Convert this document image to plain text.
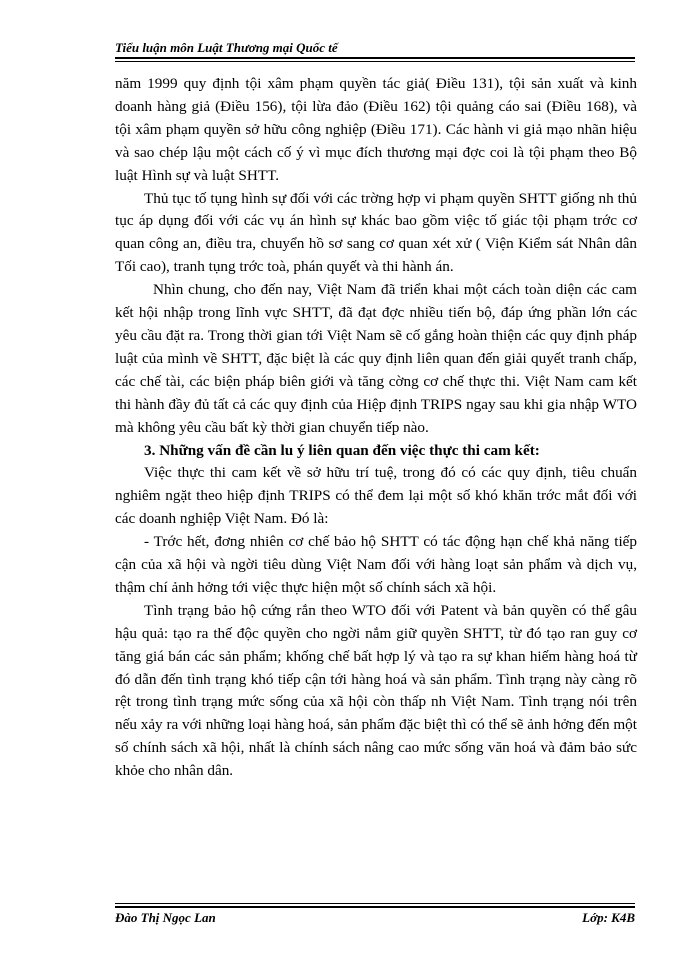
Tiểu luận môn Luật Thương mại Quốc tế

năm 1999 quy định tội xâm phạm quyền tác giả( Điều 131), tội sản xuất và kinh doanh hàng giả (Điều 156), tội lừa đảo (Điều 162) tội quảng cáo sai (Điều 168), và tội xâm phạm quyền sở hữu công nghiệp (Điều 171). Các hành vi giả mạo nhãn hiệu và sao chép lậu một cách cố ý vì mục đích thương mại đợc coi là tội phạm theo Bộ luật Hình sự và luật SHTT.

Thủ tục tố tụng hình sự đối với các trờng hợp vi phạm quyền SHTT giống nh thủ tục áp dụng đối với các vụ án hình sự khác bao gồm việc tố giác tội phạm trớc cơ quan công an, điều tra, chuyển hồ sơ sang cơ quan xét xử ( Viện Kiểm sát Nhân dân Tối cao), tranh tụng trớc toà, phán quyết và thi hành án.

Nhìn chung, cho đến nay, Việt Nam đã triển khai một cách toàn diện các cam kết hội nhập trong lĩnh vực SHTT, đã đạt đợc nhiều tiến bộ, đáp ứng phần lớn các yêu cầu đặt ra. Trong thời gian tới Việt Nam sẽ cố gắng hoàn thiện các quy định pháp luật của mình về SHTT, đặc biệt là các quy định liên quan đến giải quyết tranh chấp, các chế tài, các biện pháp biên giới và tăng cờng cơ chế thực thi. Việt Nam cam kết thi hành đầy đủ tất cả các quy định của Hiệp định TRIPS ngay sau khi gia nhập WTO mà không yêu cầu bất kỳ thời gian chuyển tiếp nào.

3. Những vấn đề cần lu ý liên quan đến việc thực thi cam kết:

Việc thực thi cam kết về sở hữu trí tuệ, trong đó có các quy định, tiêu chuẩn nghiêm ngặt theo hiệp định TRIPS có thể đem lại một số khó khăn trớc mắt đối với các doanh nghiệp Việt Nam. Đó là:

- Trớc hết, đơng nhiên cơ chế bảo hộ SHTT có tác động hạn chế khả năng tiếp cận của xã hội và ngời tiêu dùng Việt Nam đối với hàng loạt sản phẩm và dịch vụ, thậm chí ảnh hởng tới việc thực hiện một số chính sách xã hội.

Tình trạng bảo hộ cứng rắn theo WTO đối với Patent và bản quyền có thể gâu hậu quả: tạo ra thế độc quyền cho ngời nắm giữ quyền SHTT, từ đó tạo ran guy cơ tăng giá bán các sản phẩm; khống chế bất hợp lý và tạo ra sự khan hiếm hàng hoá từ đó dẫn đến tình trạng khó tiếp cận tới hàng hoá và sản phẩm. Tình trạng này càng rõ rệt trong tình trạng mức sống của xã hội còn thấp nh Việt Nam. Tình trạng nói trên nếu xảy ra với những loại hàng hoá, sản phẩm đặc biệt thì có thể sẽ ảnh hởng đến một số chính sách xã hội, nhất là chính sách nâng cao mức sống văn hoá và đảm bảo sức khỏe cho nhân dân.

Đào Thị Ngọc Lan	Lớp: K4B
